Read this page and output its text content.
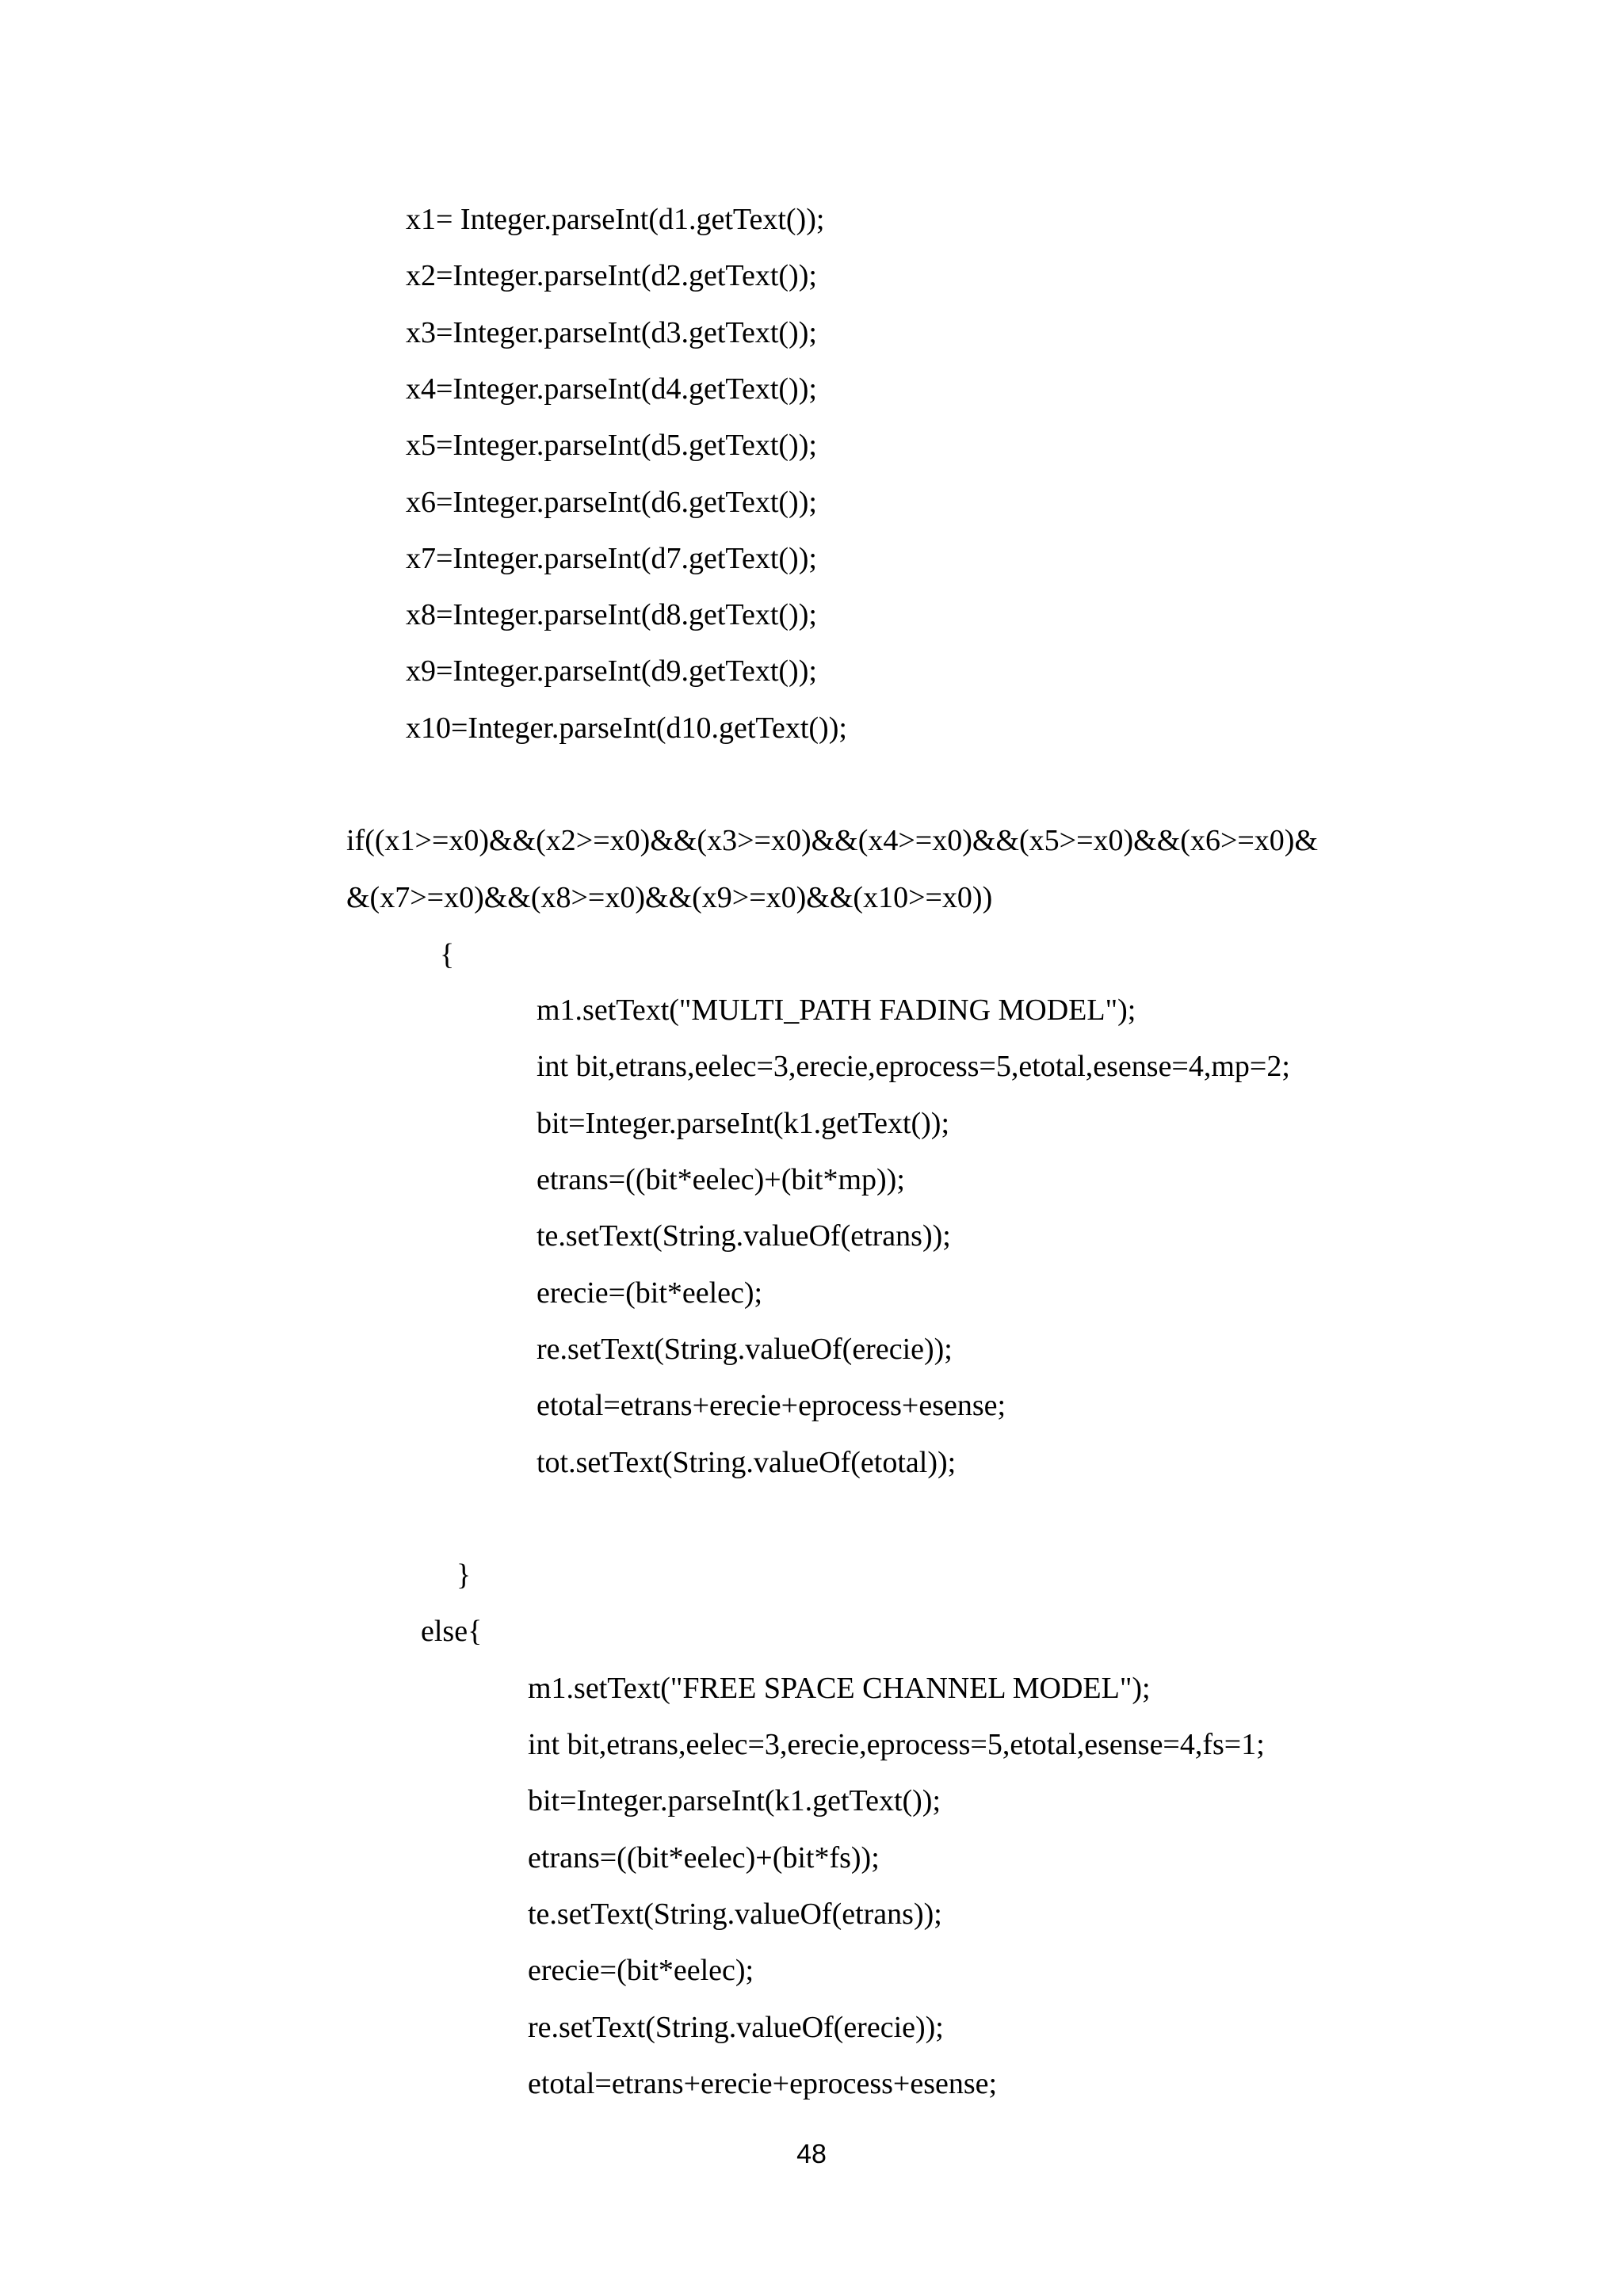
x1= Integer.parseInt(d1.getText());
x2=Integer.parseInt(d2.getText());
x3=Integer.parseInt(d3.getText());
x4=Integer.parseInt(d4.getText());
x5=Integer.parseInt(d5.getText());
x6=Integer.parseInt(d6.getText());
x7=Integer.parseInt(d7.getText());
x8=Integer.parseInt(d8.getText());
x9=Integer.parseInt(d9.getText());
x10=Integer.parseInt(d10.getText());
if((x1>=x0)&&(x2>=x0)&&(x3>=x0)&&(x4>=x0)&&(x5>=x0)&&(x6>=x0)&
&(x7>=x0)&&(x8>=x0)&&(x9>=x0)&&(x10>=x0))
{
m1.setText("MULTI_PATH FADING MODEL");
int bit,etrans,eelec=3,erecie,eprocess=5,etotal,esense=4,mp=2;
bit=Integer.parseInt(k1.getText());
etrans=((bit*eelec)+(bit*mp));
te.setText(String.valueOf(etrans));
erecie=(bit*eelec);
re.setText(String.valueOf(erecie));
etotal=etrans+erecie+eprocess+esense;
tot.setText(String.valueOf(etotal));
}
else{
m1.setText("FREE SPACE CHANNEL MODEL");
int bit,etrans,eelec=3,erecie,eprocess=5,etotal,esense=4,fs=1;
bit=Integer.parseInt(k1.getText());
etrans=((bit*eelec)+(bit*fs));
te.setText(String.valueOf(etrans));
erecie=(bit*eelec);
re.setText(String.valueOf(erecie));
etotal=etrans+erecie+eprocess+esense;
48
